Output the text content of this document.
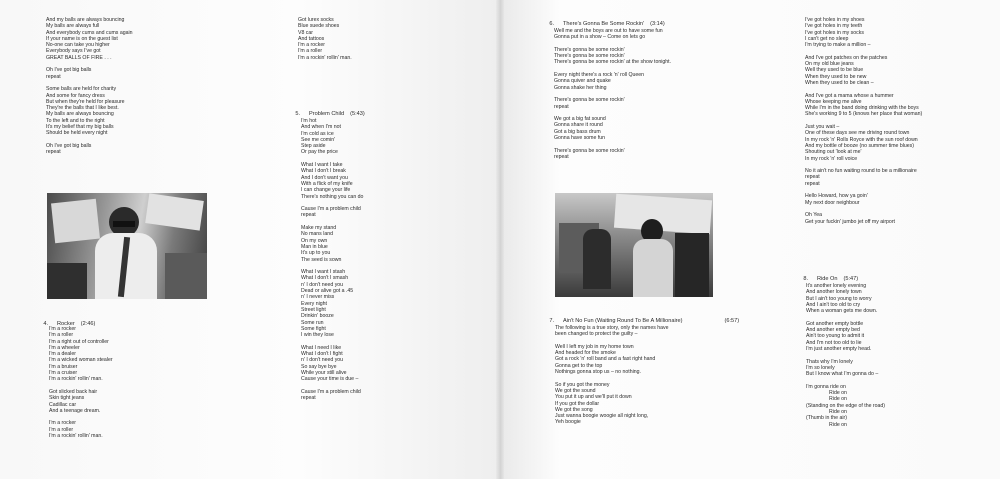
And my balls are always bouncing
My balls are always full
And everybody cums and cums again
If your name is on the guest list
No-one can take you higher
Everybody says I've got
GREAT BALLS OF FIRE . . .
Oh I've got big balls
repeat
Some balls are held for charity
And some for fancy dress
But when they're held for pleasure
They're the balls that I like best.
My balls are always bouncing
To the left and to the right
It's my belief that my big balls
Should be held every night
Oh I've got big balls
repeat

4. Rocker (2:46)

I'm a rocker
I'm a roller
I'm a right out of controller
I'm a wheeler
I'm a dealer
I'm a wicked woman stealer
I'm a bruiser
I'm a cruiser
I'm a rockin' rollin' man.
Got slicked back hair
Skin tight jeans
Cadillac car
And a teenage dream.
I'm a rocker
I'm a roller
I'm a rockin' rollin' man.
Got lurex socks
Blue suede shoes
V8 car
And tattoos
I'm a rocker
I'm a roller
I'm a rockin' rollin' man.

5. Problem Child (5:43)

I'm hot
And when I'm not
I'm cold as ice
See me comin'
Step aside
Or pay the price
What I want I take
What I don't I break
And I don't want you
With a flick of my knife
I can change your life
There's nothing you can do
Cause I'm a problem child
repeat
Make my stand
No mans land
On my own
Man in blue
It's up to you
The seed is sown
What I want I stash
What I don't I smash
n' I don't need you
Dead or alive got a .45
n' I never miss
Every night
Street light
Drinkin' booze
Some run
Some fight
I win they lose
What I need I like
What I don't I fight
n' I don't need you
So say bye bye
While your still alive
Cause your time is due –
Cause I'm a problem child
repeat

6. There's Gonna Be Some Rockin' (3:14)

Well me and the boys are out to have some fun
Gonna put in a show – Come on lets go
There's gonna be some rockin'
There's gonna be some rockin'
There's gonna be some rockin' at the show tonight.
Every night there's a rock 'n' roll Queen
Gonna quiver and quake
Gonna shake her thing
There's gonna be some rockin'
repeat
We got a big fat sound
Gonna share it round
Got a big bass drum
Gonna have some fun
There's gonna be some rockin'
repeat

7. Ain't No Fun (Waiting Round To Be A Millionaire)	(6:57)

The following is a true story, only the names have
been changed to protect the guilty –
Well I left my job in my home town
And headed for the smoke
Got a rock 'n' roll band and a fast right hand
Gonna get to the top
Nothings gonna stop us – no nothing.
So if you got the money
We got the sound
You put it up and we'll put it down
If you got the dollar
We got the song
Just wanna boogie woogie all night long,
Yeh boogie
I've got holes in my shoes
I've got holes in my teeth
I've got holes in my socks
I can't get no sleep
I'm trying to make a million –
And I've got patches on the patches
On my old blue jeans
Well they used to be blue
When they used to be new
When they used to be clean –
And I've got a mama whose a hummer
Whose keeping me alive
While I'm in the band doing drinking with the boys
She's working 9 to 5 (knows her place that woman)
Just you wait –
One of these days see me driving round town
In my rock 'n' Rolls Royce with the sun roof down
And my bottle of booze (no summer time blues)
Shouting out 'look at me'
In my rock 'n' roll voice
No it ain't no fun waiting round to be a millionaire
repeat
repeat
Hello Howard, how ya goin'
My next door neighbour
Oh Yea
Get your fuckin' jumbo jet off my airport

8. Ride On (5:47)

It's another lonely evening
And another lonely town
But I ain't too young to worry
And I ain't too old to cry
When a woman gets me down.
Got another empty bottle
And another empty bed
Ain't too young to admit it
And I'm not too old to lie
I'm just another empty head.
Thats why I'm lonely
I'm so lonely
But I know what I'm gonna do –
I'm gonna ride on
Ride on
Ride on
(Standing on the edge of the road)
Ride on
(Thumb in the air)
Ride on
